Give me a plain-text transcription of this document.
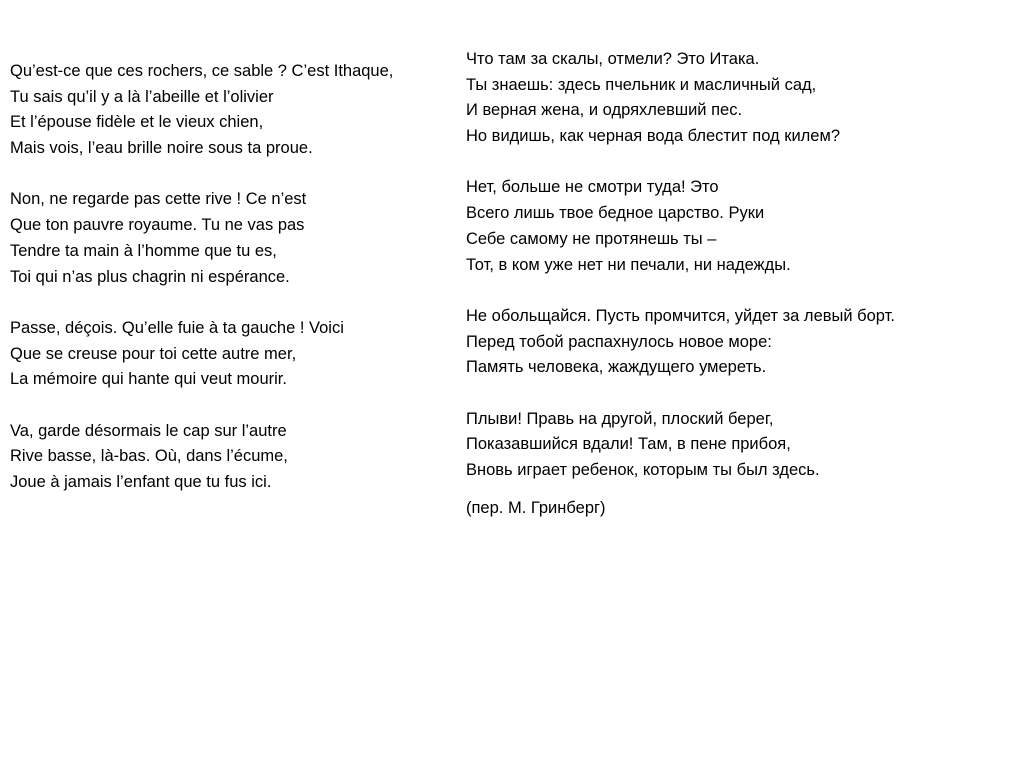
Qu’est-ce que ces rochers, ce sable ? C’est Ithaque,
Tu sais qu’il y a là l’abeille et l’olivier
Et l’épouse fidèle et le vieux chien,
Mais vois, l’eau brille noire sous ta proue.
Non, ne regarde pas cette rive ! Ce n’est
Que ton pauvre royaume. Tu ne vas pas
Tendre ta main à l’homme que tu es,
Toi qui n’as plus chagrin ni espérance.
Passe, déçois. Qu’elle fuie à ta gauche ! Voici
Que se creuse pour toi cette autre mer,
La mémoire qui hante qui veut mourir.
Va, garde désormais le cap sur l’autre
Rive basse, là-bas. Où, dans l’écume,
Joue à jamais l’enfant que tu fus ici.
Что там за скалы, отмели? Это Итака.
Ты знаешь: здесь пчельник и масличный сад,
И верная жена, и одряхлевший пес.
Но видишь, как черная вода блестит под килем?
Нет, больше не смотри туда! Это
Всего лишь твое бедное царство. Руки
Себе самому не протянешь ты –
Тот, в ком уже нет ни печали, ни надежды.
Не обольщайся. Пусть промчится, уйдет за левый борт.
Перед тобой распахнулось новое море:
Память человека, жаждущего умереть.
Плыви! Правь на другой, плоский берег,
Показавшийся вдали! Там, в пене прибоя,
Вновь играет ребенок, которым ты был здесь.
(пер. М. Гринберг)
